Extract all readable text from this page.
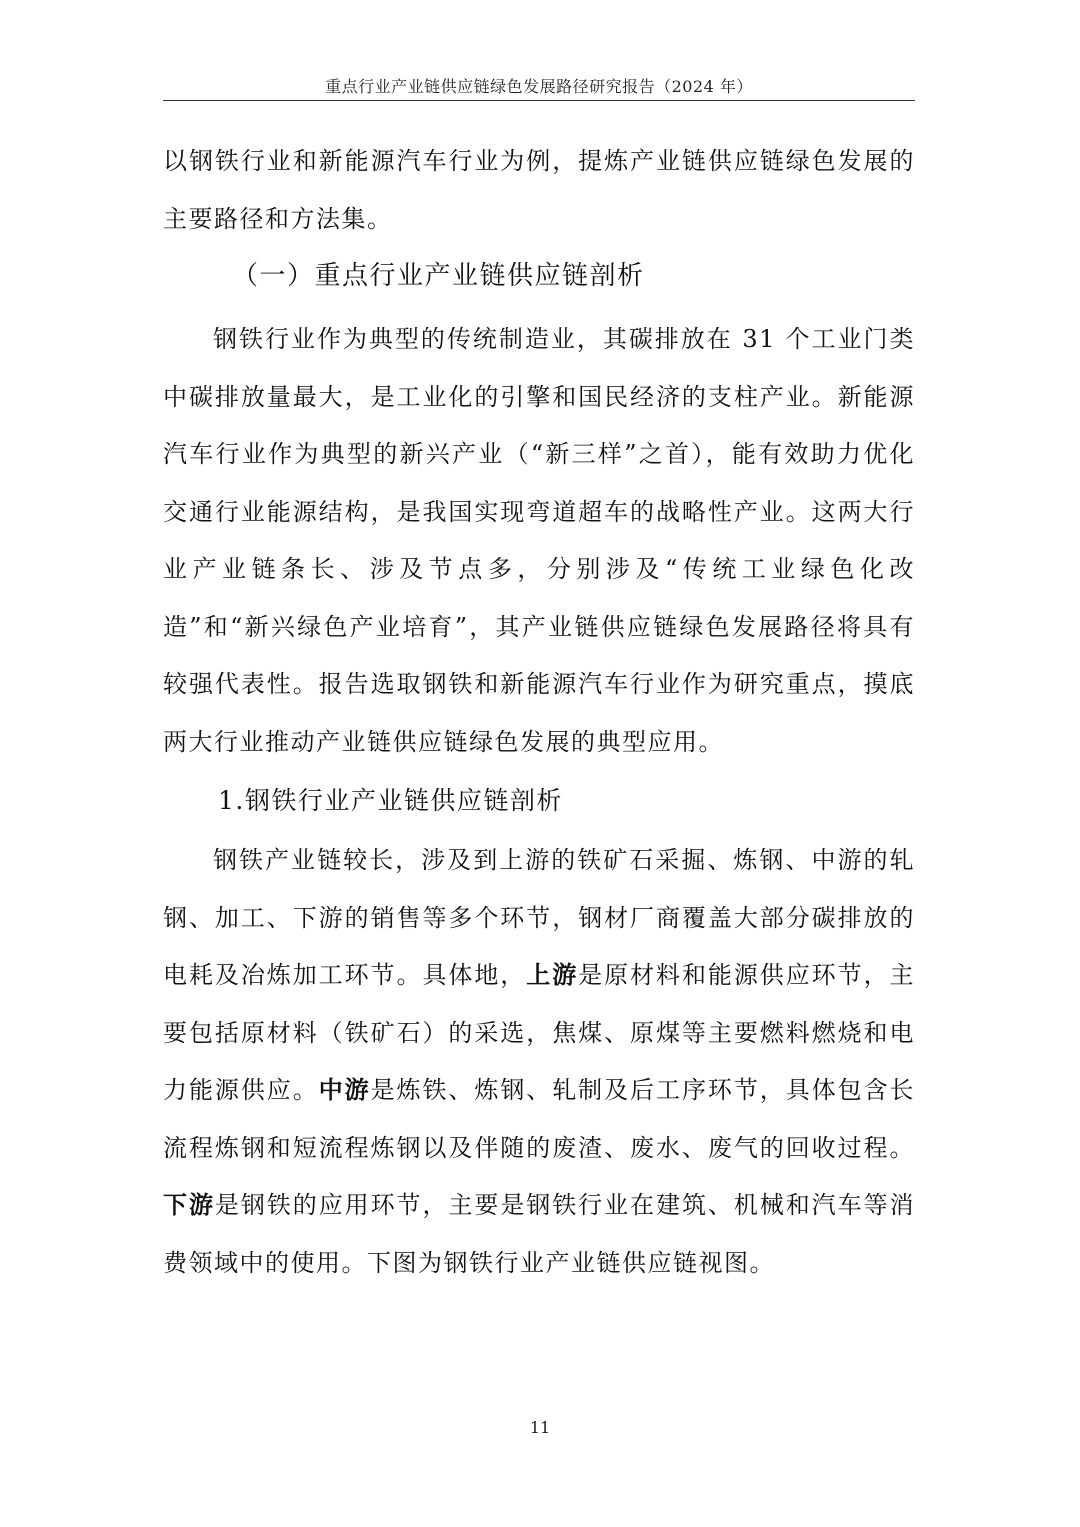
重点行业产业链供应链绿色发展路径研究报告（2024 年）

以钢铁行业和新能源汽车行业为例，提炼产业链供应链绿色发展的主要路径和方法集。

（一）重点行业产业链供应链剖析

钢铁行业作为典型的传统制造业，其碳排放在 31 个工业门类中碳排放量最大，是工业化的引擎和国民经济的支柱产业。新能源汽车行业作为典型的新兴产业（“新三样”之首），能有效助力优化交通行业能源结构，是我国实现弯道超车的战略性产业。这两大行业产业链条长、涉及节点多，分别涉及“传统工业绿色化改造”和“新兴绿色产业培育”，其产业链供应链绿色发展路径将具有较强代表性。报告选取钢铁和新能源汽车行业作为研究重点，摸底两大行业推动产业链供应链绿色发展的典型应用。

1.钢铁行业产业链供应链剖析

钢铁产业链较长，涉及到上游的铁矿石采掘、炼钢、中游的轧钢、加工、下游的销售等多个环节，钢材厂商覆盖大部分碳排放的电耗及冶炼加工环节。具体地，上游是原材料和能源供应环节，主要包括原材料（铁矿石）的采选，焦煤、原煤等主要燃料燃烧和电力能源供应。中游是炼铁、炼钢、轧制及后工序环节，具体包含长流程炼钢和短流程炼钢以及伴随的废渣、废水、废气的回收过程。下游是钢铁的应用环节，主要是钢铁行业在建筑、机械和汽车等消费领域中的使用。下图为钢铁行业产业链供应链视图。

11
